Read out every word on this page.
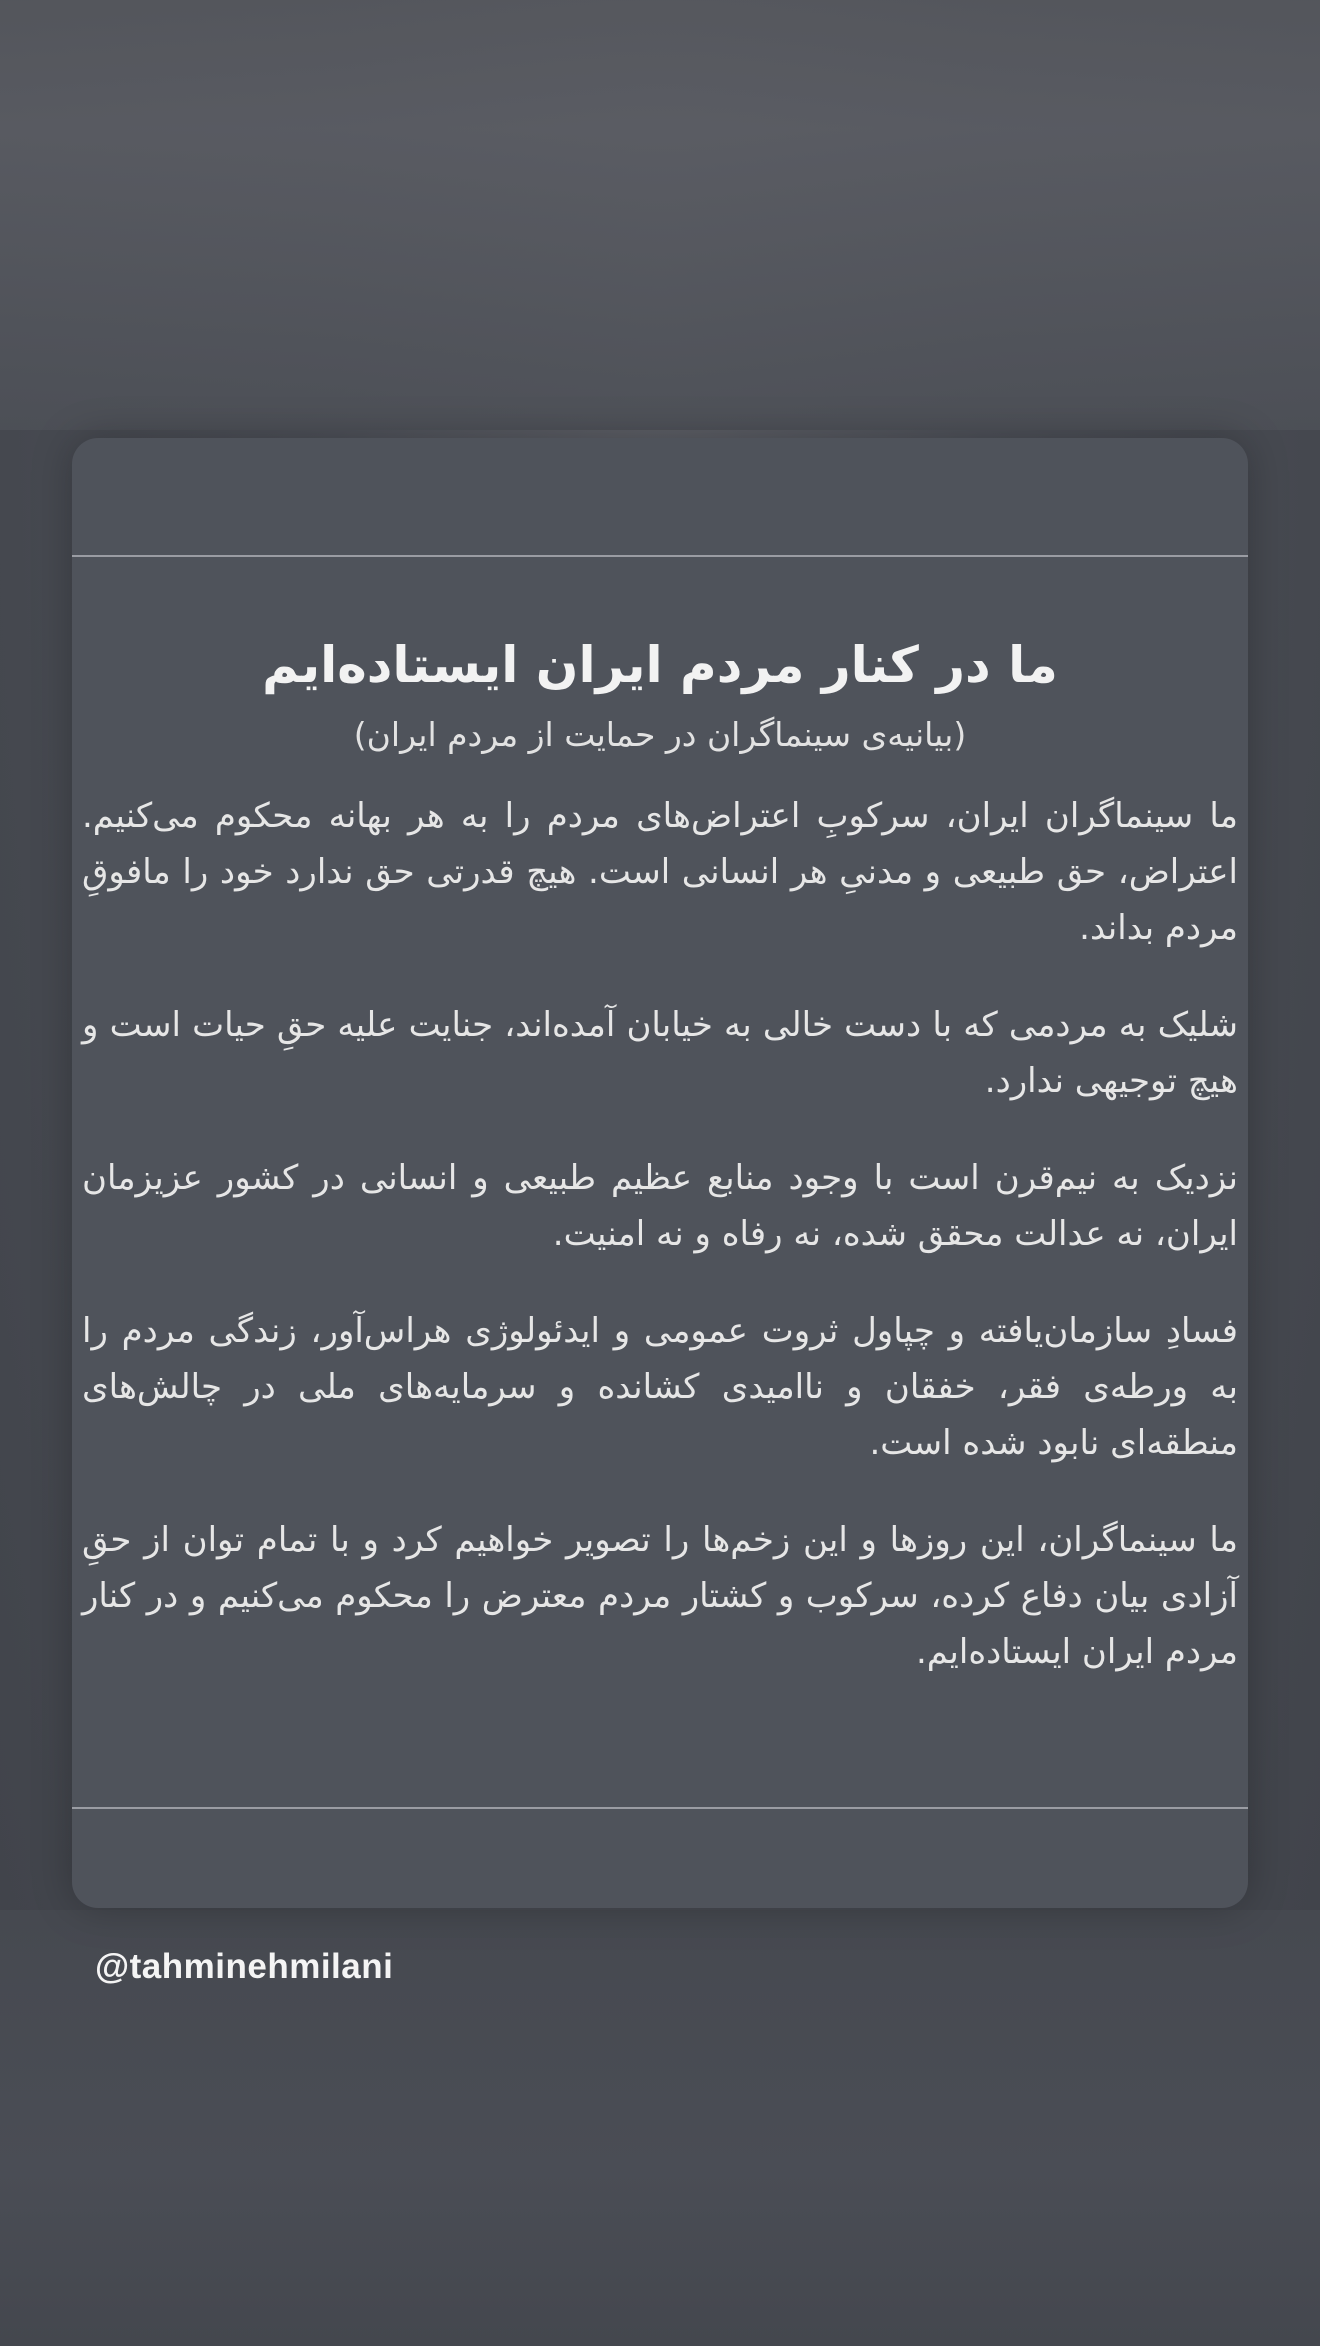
ما در کنار مردم ایران ایستاده‌ایم
(بیانیه‌ی سینماگران در حمایت از مردم ایران)

ما سینماگران ایران، سرکوبِ اعتراض‌های مردم را به هر بهانه محکوم می‌کنیم. اعتراض، حق طبیعی و مدنیِ هر انسانی است. هیچ قدرتی حق ندارد خود را مافوقِ مردم بداند.

شلیک به مردمی که با دست خالی به خیابان آمده‌اند، جنایت علیه حقِ حیات است و هیچ توجیهی ندارد.

نزدیک به نیم‌قرن است با وجود منابع عظیم طبیعی و انسانی در کشور عزیزمان ایران، نه عدالت محقق شده، نه رفاه و نه امنیت.

فسادِ سازمان‌یافته و چپاول ثروت عمومی و ایدئولوژی هراس‌آور، زندگی مردم را به ورطه‌ی فقر، خفقان و ناامیدی کشانده و سرمایه‌های ملی در چالش‌های منطقه‌ای نابود شده است.

ما سینماگران، این روزها و این زخم‌ها را تصویر خواهیم کرد و با تمام توان از حقِ آزادی بیان دفاع کرده، سرکوب و کشتار مردم معترض را محکوم می‌کنیم و در کنار مردم ایران ایستاده‌ایم.

@tahminehmilani
